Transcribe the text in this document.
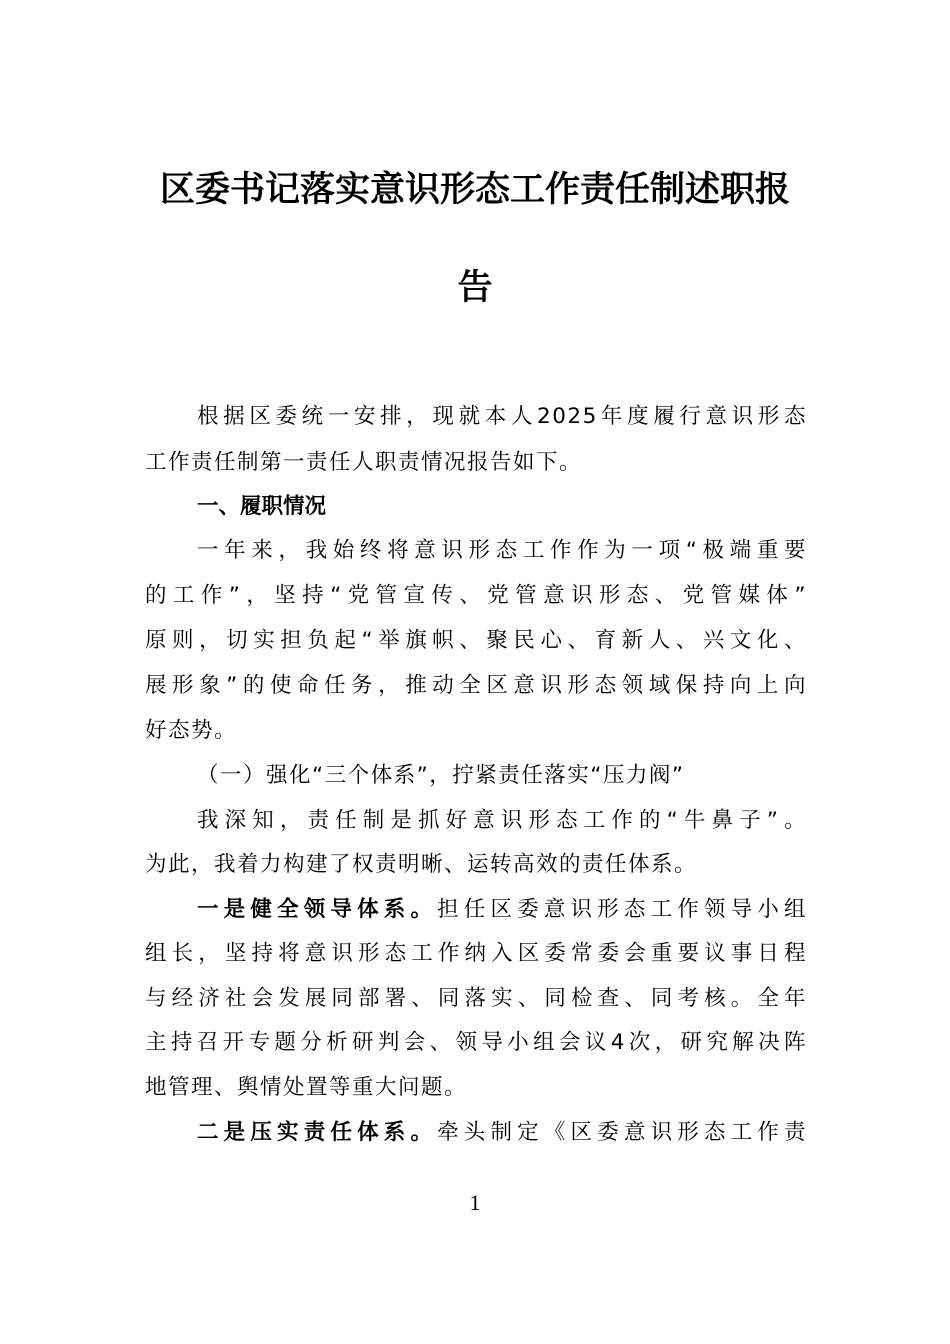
区委书记落实意识形态工作责任制述职报
告
根据区委统一安排，现就本人2025年度履行意识形态
工作责任制第一责任人职责情况报告如下。
一、履职情况
一年来，我始终将意识形态工作作为一项“极端重要
的工作”，坚持“党管宣传、党管意识形态、党管媒体”
原则，切实担负起“举旗帜、聚民心、育新人、兴文化、
展形象”的使命任务，推动全区意识形态领域保持向上向
好态势。
（一）强化“三个体系”，拧紧责任落实“压力阀”
我深知，责任制是抓好意识形态工作的“牛鼻子”。
为此，我着力构建了权责明晰、运转高效的责任体系。
一是健全领导体系。担任区委意识形态工作领导小组
组长，坚持将意识形态工作纳入区委常委会重要议事日程
与经济社会发展同部署、同落实、同检查、同考核。全年
主持召开专题分析研判会、领导小组会议4次，研究解决阵
地管理、舆情处置等重大问题。
二是压实责任体系。牵头制定《区委意识形态工作责
1
